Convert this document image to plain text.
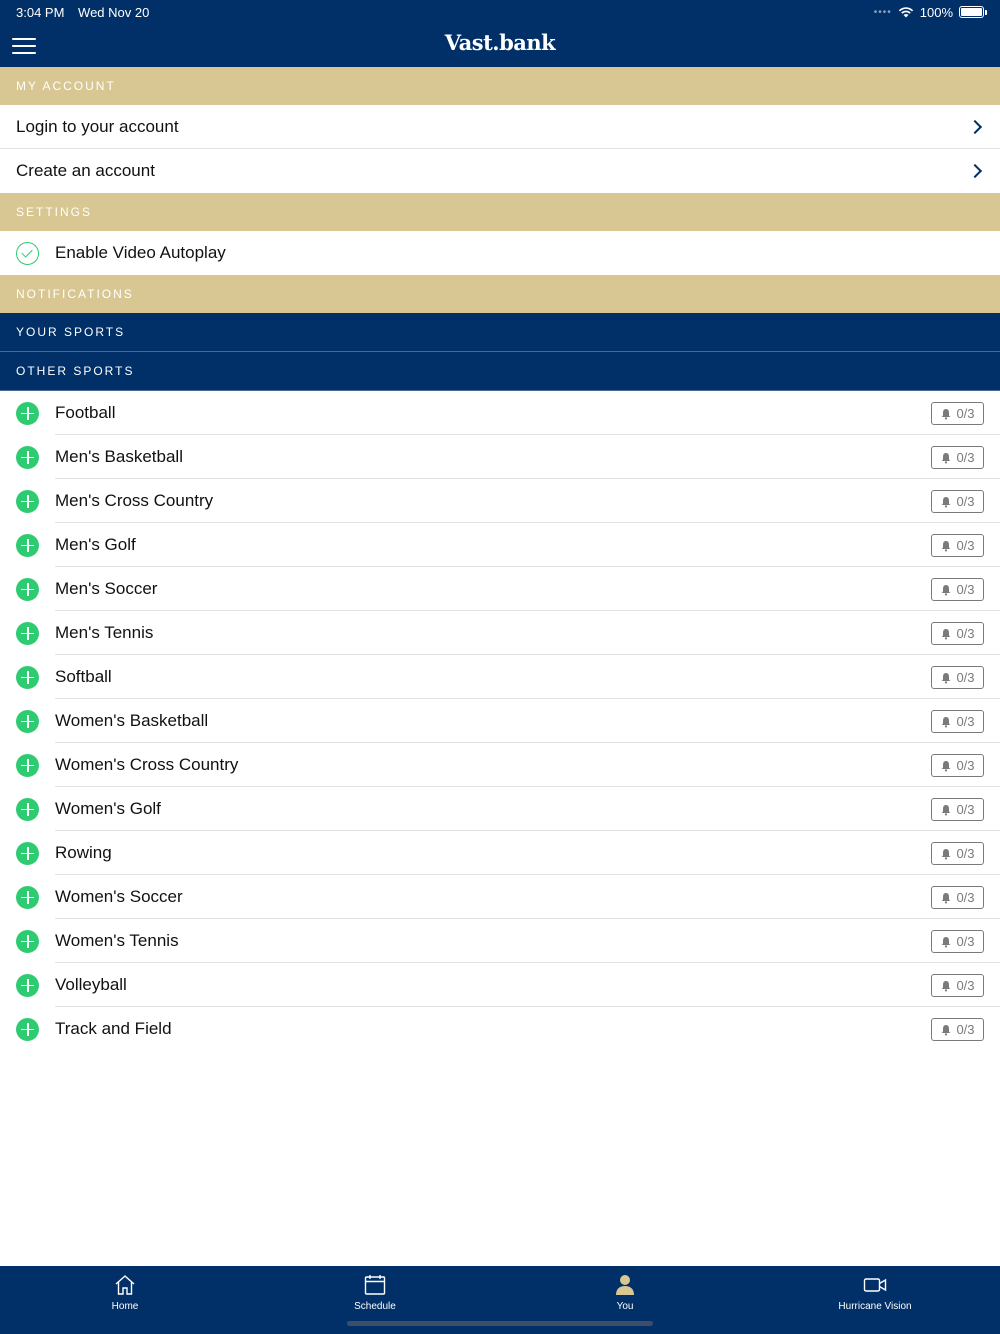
3:04 PM Wed Nov 20	•••• 100%
Vast.bank
MY ACCOUNT
Login to your account
Create an account
SETTINGS
Enable Video Autoplay
NOTIFICATIONS
YOUR SPORTS
OTHER SPORTS
Football	0/3
Men's Basketball	0/3
Men's Cross Country	0/3
Men's Golf	0/3
Men's Soccer	0/3
Men's Tennis	0/3
Softball	0/3
Women's Basketball	0/3
Women's Cross Country	0/3
Women's Golf	0/3
Rowing	0/3
Women's Soccer	0/3
Women's Tennis	0/3
Volleyball	0/3
Track and Field	0/3
Home	Schedule	You	Hurricane Vision
